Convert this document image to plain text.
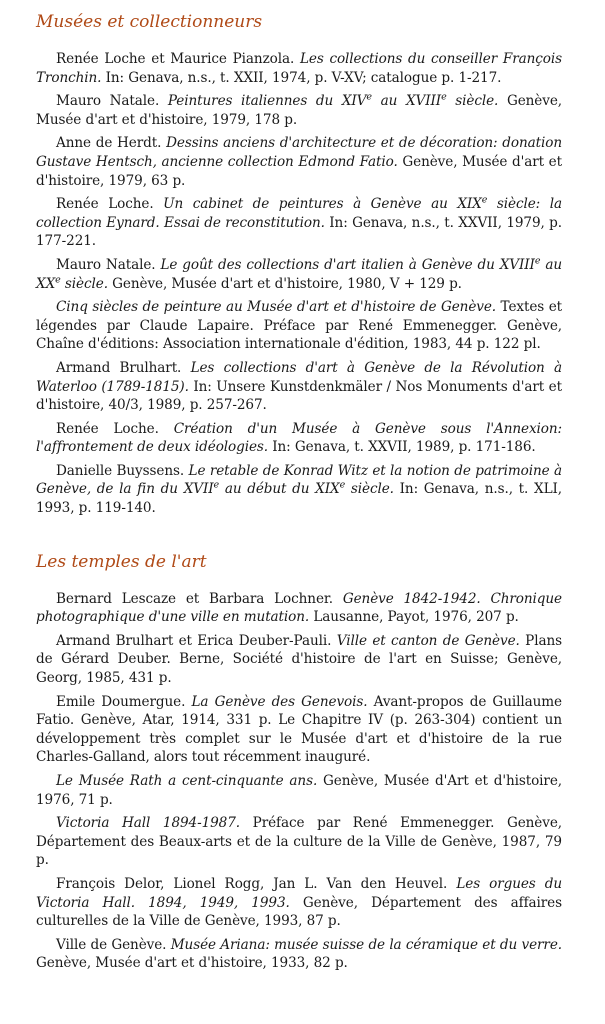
Musées et collectionneurs

Renée Loche et Maurice Pianzola. Les collections du conseiller François Tronchin. In: Genava, n.s., t. XXII, 1974, p. V-XV; catalogue p. 1-217.

Mauro Natale. Peintures italiennes du XIVe au XVIIIe siècle. Genève, Musée d'art et d'histoire, 1979, 178 p.

Anne de Herdt. Dessins anciens d'architecture et de décoration: donation Gustave Hentsch, ancienne collection Edmond Fatio. Genève, Musée d'art et d'histoire, 1979, 63 p.

Renée Loche. Un cabinet de peintures à Genève au XIXe siècle: la collection Eynard. Essai de reconstitution. In: Genava, n.s., t. XXVII, 1979, p. 177-221.

Mauro Natale. Le goût des collections d'art italien à Genève du XVIIIe au XXe siècle. Genève, Musée d'art et d'histoire, 1980, V + 129 p.

Cinq siècles de peinture au Musée d'art et d'histoire de Genève. Textes et légendes par Claude Lapaire. Préface par René Emmenegger. Genève, Chaîne d'éditions: Association internationale d'édition, 1983, 44 p. 122 pl.

Armand Brulhart. Les collections d'art à Genève de la Révolution à Waterloo (1789-1815). In: Unsere Kunstdenkmäler / Nos Monuments d'art et d'histoire, 40/3, 1989, p. 257-267.

Renée Loche. Création d'un Musée à Genève sous l'Annexion: l'affrontement de deux idéologies. In: Genava, t. XXVII, 1989, p. 171-186.

Danielle Buyssens. Le retable de Konrad Witz et la notion de patrimoine à Genève, de la fin du XVIIe au début du XIXe siècle. In: Genava, n.s., t. XLI, 1993, p. 119-140.

Les temples de l'art

Bernard Lescaze et Barbara Lochner. Genève 1842-1942. Chronique photographique d'une ville en mutation. Lausanne, Payot, 1976, 207 p.

Armand Brulhart et Erica Deuber-Pauli. Ville et canton de Genève. Plans de Gérard Deuber. Berne, Société d'histoire de l'art en Suisse; Genève, Georg, 1985, 431 p.

Emile Doumergue. La Genève des Genevois. Avant-propos de Guillaume Fatio. Genève, Atar, 1914, 331 p. Le Chapitre IV (p. 263-304) contient un développement très complet sur le Musée d'art et d'histoire de la rue Charles-Galland, alors tout récemment inauguré.

Le Musée Rath a cent-cinquante ans. Genève, Musée d'Art et d'histoire, 1976, 71 p.

Victoria Hall 1894-1987. Préface par René Emmenegger. Genève, Département des Beaux-arts et de la culture de la Ville de Genève, 1987, 79 p.

François Delor, Lionel Rogg, Jan L. Van den Heuvel. Les orgues du Victoria Hall. 1894, 1949, 1993. Genève, Département des affaires culturelles de la Ville de Genève, 1993, 87 p.

Ville de Genève. Musée Ariana: musée suisse de la céramique et du verre. Genève, Musée d'art et d'histoire, 1933, 82 p.
